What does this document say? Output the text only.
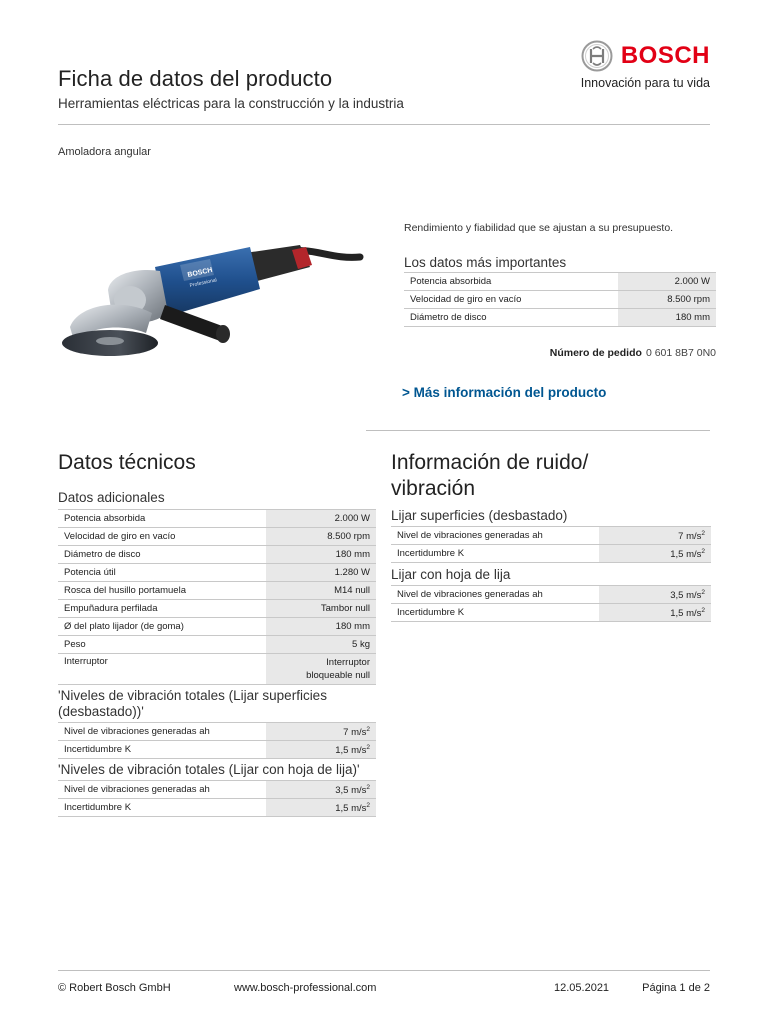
Ficha de datos del producto
Herramientas eléctricas para la construcción y la industria
BOSCH
Innovación para tu vida
Amoladora angular
BOSCH
Professional
Rendimiento y fiabilidad que se ajustan a su presupuesto.
Los datos más importantes
Potencia absorbida	2.000 W
Velocidad de giro en vacío	8.500 rpm
Diámetro de disco	180 mm
Número de pedido 0 601 8B7 0N0
> Más información del producto
Datos técnicos
Datos adicionales
Potencia absorbida	2.000 W
Velocidad de giro en vacío	8.500 rpm
Diámetro de disco	180 mm
Potencia útil	1.280 W
Rosca del husillo portamuela	M14 null
Empuñadura perfilada	Tambor null
Ø del plato lijador (de goma)	180 mm
Peso	5 kg
Interruptor	Interruptor
bloqueable null
'Niveles de vibración totales (Lijar superficies (desbastado))'
Nivel de vibraciones generadas ah	7 $m/s^2$
Incertidumbre K	1,5 $m/s^2$
'Niveles de vibración totales (Lijar con hoja de lija)'
Nivel de vibraciones generadas ah	3,5 $m/s^2$
Incertidumbre K	1,5 $m/s^2$
Información de ruido/ vibración
Lijar superficies (desbastado)
Nivel de vibraciones generadas ah	7 $m/s^2$
Incertidumbre K	1,5 $m/s^2$
Lijar con hoja de lija
Nivel de vibraciones generadas ah	3,5 $m/s^2$
Incertidumbre K	1,5 $m/s^2$
© Robert Bosch GmbH	www.bosch-professional.com	12.05.2021	Página 1 de 2
